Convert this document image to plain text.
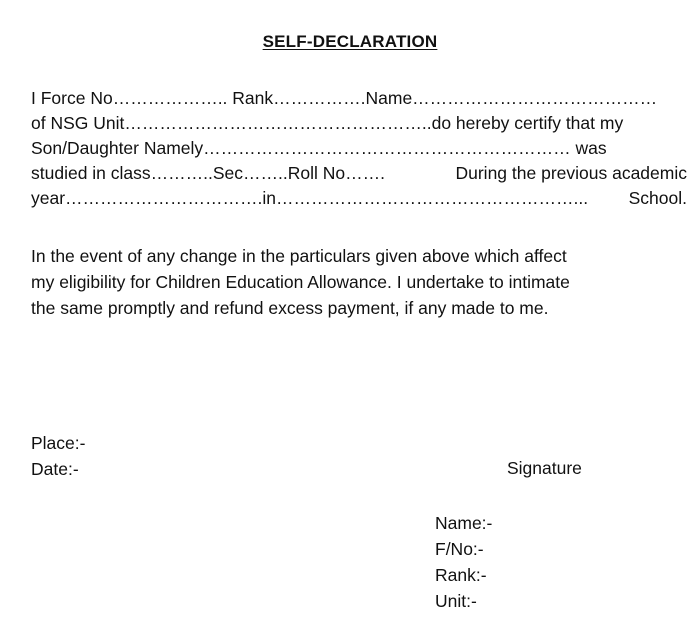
SELF-DECLARATION
I Force No……………….. Rank…………….Name……………………………………
of NSG Unit……………………………………………..do hereby certify that my
Son/Daughter Namely……………………………………………………… was
studied in class………..Sec……..Roll No…….	During the previous academic
year…………………………….in……………………………………………... School.
In the event of any change in the particulars given above which affect
my eligibility for Children Education Allowance. I undertake to intimate
the same promptly and refund excess payment, if any made to me.
Place:-
Date:-	Signature
Name:-
F/No:-
Rank:-
Unit:-
